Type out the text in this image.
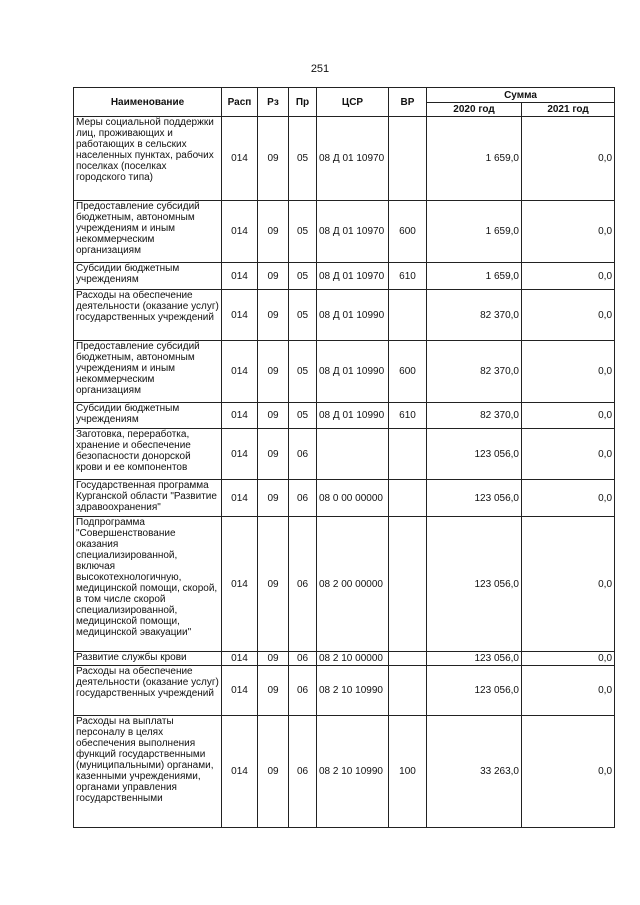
251
Наименование	Расп	Рз	Пр	ЦСР	ВР	Сумма	
						2020 год	2021 год
Меры социальной поддержки лиц, проживающих и работающих в сельских населенных пунктах, рабочих поселках (поселках городского типа)	014	09	05	08 Д 01 10970		1 659,0	0,0
Предоставление субсидий бюджетным, автономным учреждениям и иным некоммерческим организациям	014	09	05	08 Д 01 10970	600	1 659,0	0,0
Субсидии бюджетным учреждениям	014	09	05	08 Д 01 10970	610	1 659,0	0,0
Расходы на обеспечение деятельности (оказание услуг) государственных учреждений	014	09	05	08 Д 01 10990		82 370,0	0,0
Предоставление субсидий бюджетным, автономным учреждениям и иным некоммерческим организациям	014	09	05	08 Д 01 10990	600	82 370,0	0,0
Субсидии бюджетным учреждениям	014	09	05	08 Д 01 10990	610	82 370,0	0,0
Заготовка, переработка, хранение и обеспечение безопасности донорской крови и ее компонентов	014	09	06			123 056,0	0,0
Государственная программа Курганской области "Развитие здравоохранения"	014	09	06	08 0 00 00000		123 056,0	0,0
Подпрограмма "Совершенствование оказания специализированной, включая высокотехнологичную, медицинской помощи, скорой, в том числе скорой специализированной, медицинской помощи, медицинской эвакуации"	014	09	06	08 2 00 00000		123 056,0	0,0
Развитие службы крови	014	09	06	08 2 10 00000		123 056,0	0,0
Расходы на обеспечение деятельности (оказание услуг) государственных учреждений	014	09	06	08 2 10 10990		123 056,0	0,0
Расходы на выплаты персоналу в целях обеспечения выполнения функций государственными (муниципальными) органами, казенными учреждениями, органами управления государственными	014	09	06	08 2 10 10990	100	33 263,0	0,0
